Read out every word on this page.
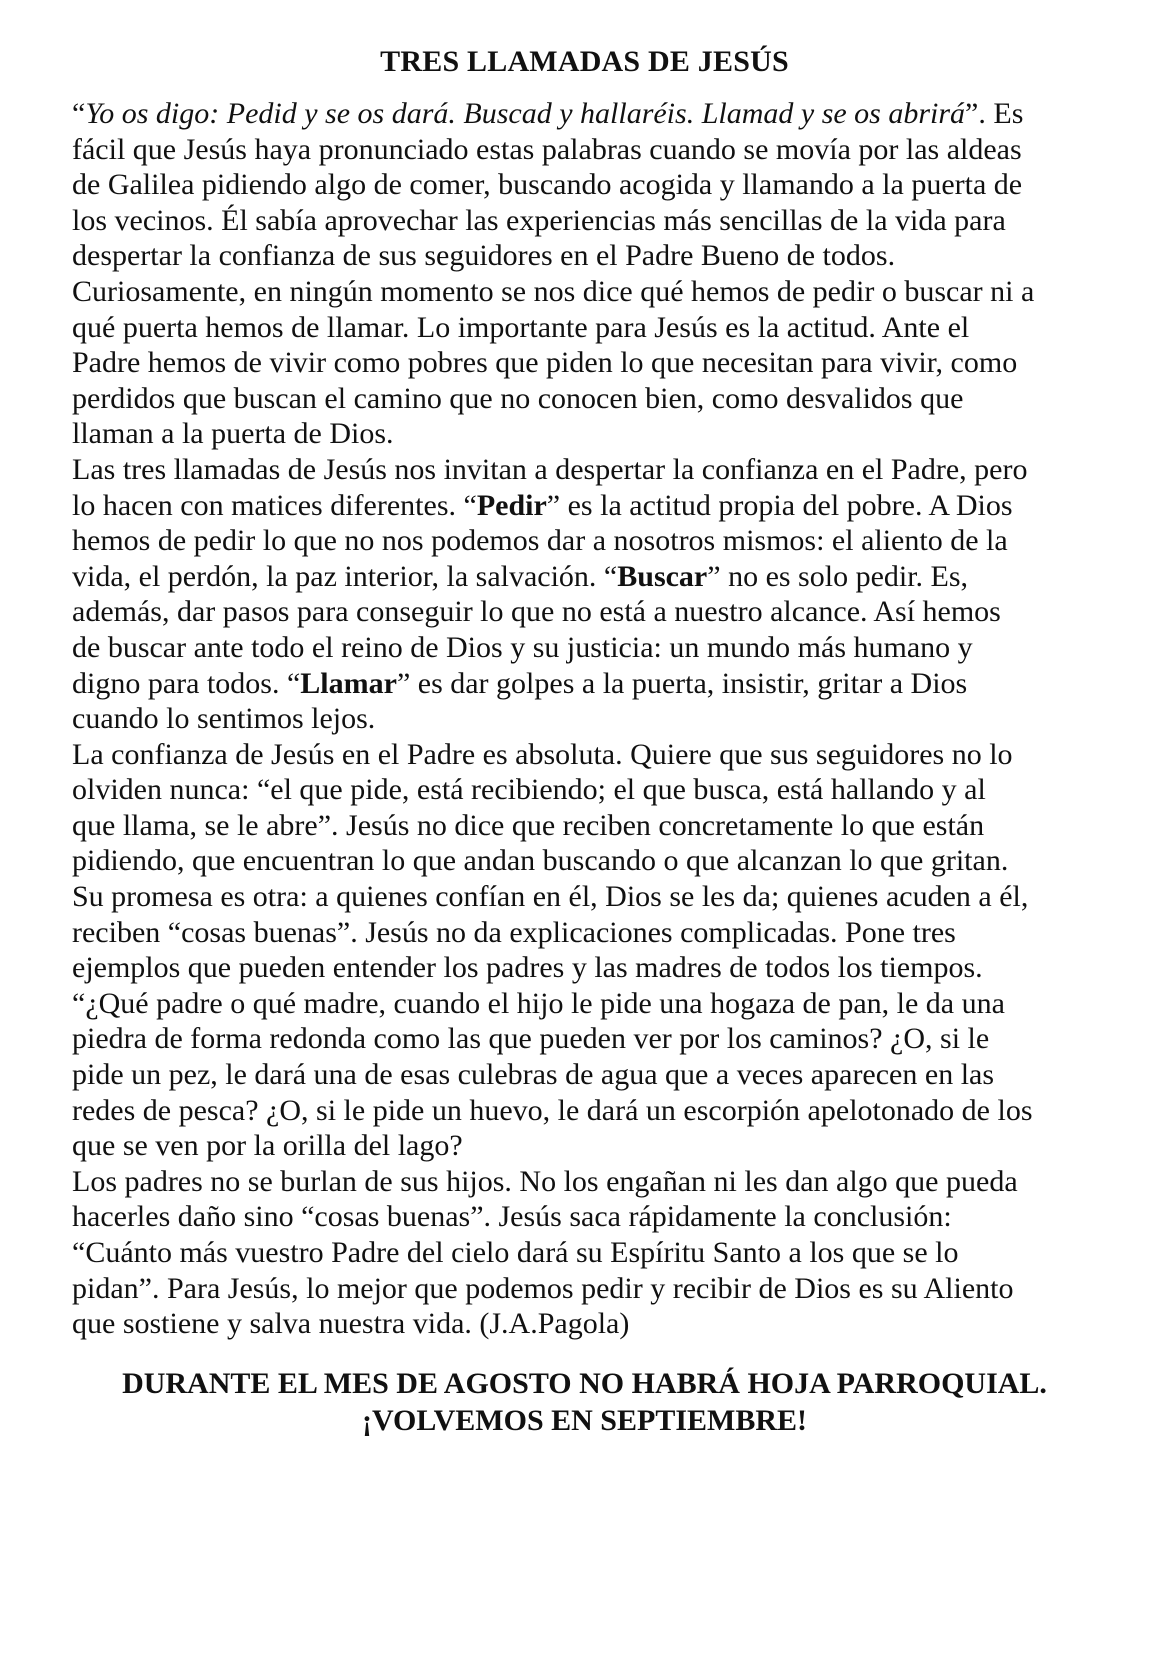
TRES LLAMADAS DE JESÚS
“Yo os digo: Pedid y se os dará. Buscad y hallaréis. Llamad y se os abrirá”. Es
fácil que Jesús haya pronunciado estas palabras cuando se movía por las aldeas
de Galilea pidiendo algo de comer, buscando acogida y llamando a la puerta de
los vecinos. Él sabía aprovechar las experiencias más sencillas de la vida para
despertar la confianza de sus seguidores en el Padre Bueno de todos.
Curiosamente, en ningún momento se nos dice qué hemos de pedir o buscar ni a
qué puerta hemos de llamar. Lo importante para Jesús es la actitud. Ante el
Padre hemos de vivir como pobres que piden lo que necesitan para vivir, como
perdidos que buscan el camino que no conocen bien, como desvalidos que
llaman a la puerta de Dios.
Las tres llamadas de Jesús nos invitan a despertar la confianza en el Padre, pero
lo hacen con matices diferentes. “Pedir” es la actitud propia del pobre. A Dios
hemos de pedir lo que no nos podemos dar a nosotros mismos: el aliento de la
vida, el perdón, la paz interior, la salvación. “Buscar” no es solo pedir. Es,
además, dar pasos para conseguir lo que no está a nuestro alcance. Así hemos
de buscar ante todo el reino de Dios y su justicia: un mundo más humano y
digno para todos. “Llamar” es dar golpes a la puerta, insistir, gritar a Dios
cuando lo sentimos lejos.
La confianza de Jesús en el Padre es absoluta. Quiere que sus seguidores no lo
olviden nunca: “el que pide, está recibiendo; el que busca, está hallando y al
que llama, se le abre”. Jesús no dice que reciben concretamente lo que están
pidiendo, que encuentran lo que andan buscando o que alcanzan lo que gritan.
Su promesa es otra: a quienes confían en él, Dios se les da; quienes acuden a él,
reciben “cosas buenas”. Jesús no da explicaciones complicadas. Pone tres
ejemplos que pueden entender los padres y las madres de todos los tiempos.
“¿Qué padre o qué madre, cuando el hijo le pide una hogaza de pan, le da una
piedra de forma redonda como las que pueden ver por los caminos? ¿O, si le
pide un pez, le dará una de esas culebras de agua que a veces aparecen en las
redes de pesca? ¿O, si le pide un huevo, le dará un escorpión apelotonado de los
que se ven por la orilla del lago?
Los padres no se burlan de sus hijos. No los engañan ni les dan algo que pueda
hacerles daño sino “cosas buenas”. Jesús saca rápidamente la conclusión:
“Cuánto más vuestro Padre del cielo dará su Espíritu Santo a los que se lo
pidan”. Para Jesús, lo mejor que podemos pedir y recibir de Dios es su Aliento
que sostiene y salva nuestra vida. (J.A.Pagola)
DURANTE EL MES DE AGOSTO NO HABRÁ HOJA PARROQUIAL.
¡VOLVEMOS EN SEPTIEMBRE!
